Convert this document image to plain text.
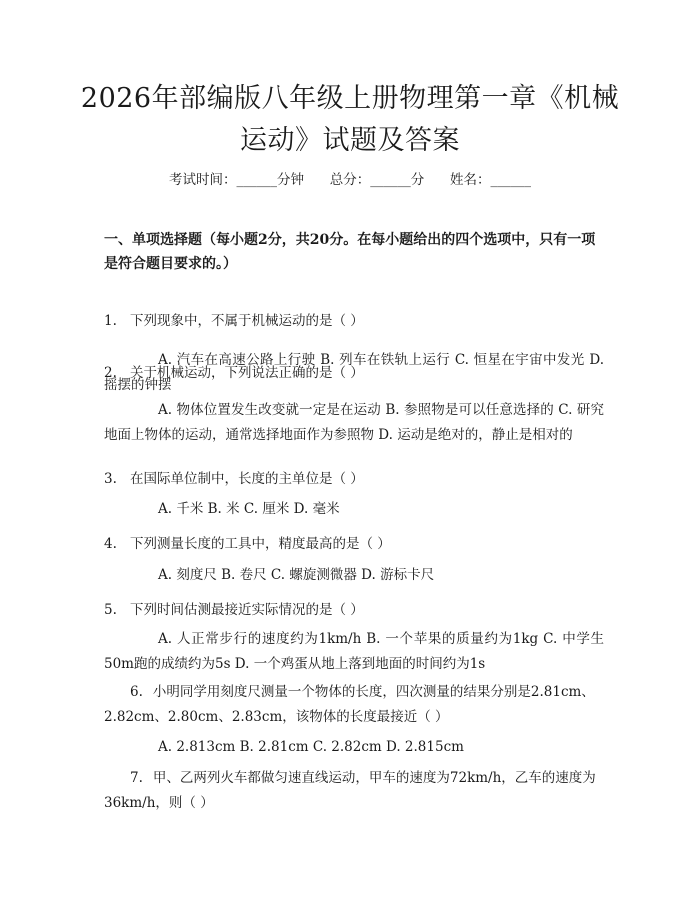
2026年部编版八年级上册物理第一章《机械
运动》试题及答案
考试时间：______分钟      总分：______分      姓名：______
一、单项选择题（每小题2分，共20分。在每小题给出的四个选项中，只有一项是符合题目要求的。）
1. 下列现象中，不属于机械运动的是（ ）
A. 汽车在高速公路上行驶 B. 列车在铁轨上运行 C. 恒星在宇宙中发光 D. 摇摆的钟摆
2. 关于机械运动，下列说法正确的是（ ）
A. 物体位置发生改变就一定是在运动 B. 参照物是可以任意选择的 C. 研究地面上物体的运动，通常选择地面作为参照物 D. 运动是绝对的，静止是相对的
3. 在国际单位制中，长度的主单位是（ ）
A. 千米 B. 米 C. 厘米 D. 毫米
4. 下列测量长度的工具中，精度最高的是（ ）
A. 刻度尺 B. 卷尺 C. 螺旋测微器 D. 游标卡尺
5. 下列时间估测最接近实际情况的是（ ）
A. 人正常步行的速度约为1km/h B. 一个苹果的质量约为1kg C. 中学生50m跑的成绩约为5s D. 一个鸡蛋从地上落到地面的时间约为1s
6. 小明同学用刻度尺测量一个物体的长度，四次测量的结果分别是2.81cm、2.82cm、2.80cm、2.83cm，该物体的长度最接近（ ）
A. 2.813cm B. 2.81cm C. 2.82cm D. 2.815cm
7. 甲、乙两列火车都做匀速直线运动，甲车的速度为72km/h，乙车的速度为36km/h，则（ ）
